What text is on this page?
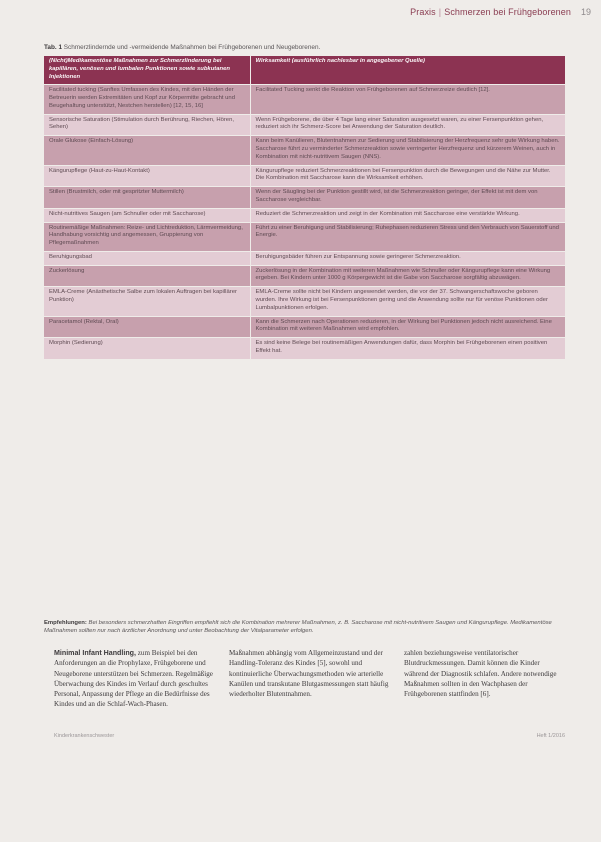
Praxis | Schmerzen bei Frühgeborenen 19
Tab. 1 Schmerzlindernde und -vermeidende Maßnahmen bei Frühgeborenen und Neugeborenen.
(Nicht)Medikamentöse Maßnahmen zur Schmerzlinderung bei kapillären, venösen und lumbalen Punktionen sowie subkutanen Injektionen	Wirksamkeit (ausführlich nachlesbar in angegebener Quelle)
Facilitated tucking (Sanftes Umfassen des Kindes, mit den Händen der Betreuerin werden Extremitäten und Kopf zur Körpermitte gebracht und Beugehaltung unterstützt, Nestchen herstellen) [12, 15, 16]	Facilitated Tucking senkt die Reaktion von Frühgeborenen auf Schmerzreize deutlich [12].
Sensorische Saturation (Stimulation durch Berührung, Riechen, Hören, Sehen)	Wenn Frühgeborene, die über 4 Tage lang einer Saturation ausgesetzt waren, zu einer Fersenpunktion gehen, reduziert sich ihr Schmerz-Score bei Anwendung der Saturation deutlich.
Orale Glukose (Einfach-Lösung)	Kann beim Kanülieren, Blutentnahmen zur Sedierung und Stabilisierung der Herzfrequenz sehr gute Wirkung haben. Saccharose führt zu verminderter Schmerzreaktion sowie verringerter Herzfrequenz und kürzerem Weinen, auch in Kombination mit nicht-nutritivem Saugen (NNS).
Kängurupflege (Haut-zu-Haut-Kontakt)	Kängurupflege reduziert Schmerzreaktionen bei Fersenpunktion durch die Bewegungen und die Nähe zur Mutter. Die Kombination mit Saccharose kann die Wirksamkeit erhöhen.
Stillen (Brustmilch, oder mit gespritzter Muttermilch)	Wenn der Säugling bei der Punktion gestillt wird, ist die Schmerzreaktion geringer, der Effekt ist mit dem von Saccharose vergleichbar.
Nicht-nutritives Saugen (am Schnuller oder mit Saccharose)	Reduziert die Schmerzreaktion und zeigt in der Kombination mit Saccharose eine verstärkte Wirkung.
Routinemäßige Maßnahmen: Reize- und Lichtreduktion, Lärmvermeidung, Handhabung vorsichtig und angemessen, Gruppierung von Pflegemaßnahmen	Führt zu einer Beruhigung und Stabilisierung; Ruhephasen reduzieren Stress und den Verbrauch von Sauerstoff und Energie.
Beruhigungsbad	Beruhigungsbäder führen zur Entspannung sowie geringerer Schmerzreaktion.
Zuckerlösung	Zuckerlösung in der Kombination mit weiteren Maßnahmen wie Schnuller oder Kängurupflege kann eine Wirkung ergeben. Bei Kindern unter 1000 g Körpergewicht ist die Gabe von Saccharose sorgfältig abzuwägen.
EMLA-Creme (Anästhetische Salbe zum lokalen Auftragen bei kapillärer Punktion)	EMLA-Creme sollte nicht bei Kindern angewendet werden, die vor der 37. Schwangerschaftswoche geboren wurden. Ihre Wirkung ist bei Fersenpunktionen gering und die Anwendung sollte nur für venöse Punktionen oder Lumbalpunktionen erfolgen.
Paracetamol (Rektal, Oral)	Kann die Schmerzen nach Operationen reduzieren, in der Wirkung bei Punktionen jedoch nicht ausreichend. Eine Kombination mit weiteren Maßnahmen wird empfohlen.
Morphin (Sedierung)	Es sind keine Belege bei routinemäßigen Anwendungen dafür, dass Morphin bei Frühgeborenen einen positiven Effekt hat.
Empfehlungen: Bei besonders schmerzhaften Eingriffen empfiehlt sich die Kombination mehrerer Maßnahmen, z. B. Saccharose mit nicht-nutritivem Saugen und Kängurupflege. Medikamentöse Maßnahmen sollten nur nach ärztlicher Anordnung und unter Beobachtung der Vitalparameter erfolgen.

Minimal Infant Handling, zum Beispiel bei den Anforderungen an die Prophylaxe, Frühgeborene und Neugeborene unterstützen bei Schmerzen. Regelmäßige Überwachung des Kindes im Verlauf durch geschultes Personal, Anpassung der Pflege an die Bedürfnisse des Kindes und an die Schlaf-Wach-Phasen.

Maßnahmen abhängig vom Allgemeinzustand und der Handling-Toleranz des Kindes [5], sowohl und kontinuierliche Überwachungsmethoden wie arterielle Kanülen und transkutane Blutgasmessungen statt häufig wiederholter Blutentnahmen.

zahlen beziehungsweise ventilatorischer Blutdruckmessungen. Damit können die Kinder während der Diagnostik schlafen. Andere notwendige Maßnahmen sollten in den Wachphasen der Frühgeborenen stattfinden [6].

Kinderkrankenschwester	Heft 1/2016
